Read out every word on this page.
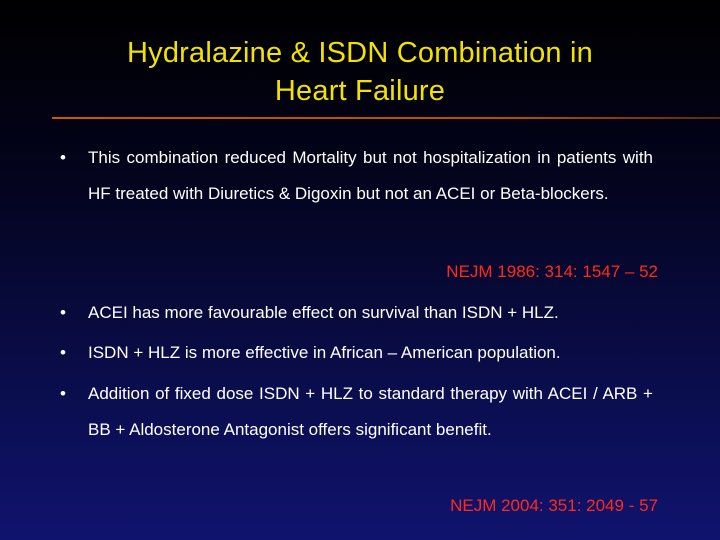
Hydralazine & ISDN Combination in
Heart Failure
• This combination reduced Mortality but not hospitalization in patients with HF treated with Diuretics & Digoxin but not an ACEI or Beta-blockers.
NEJM 1986: 314: 1547 – 52
• ACEI has more favourable effect on survival than ISDN + HLZ.
• ISDN + HLZ is more effective in African – American population.
• Addition of fixed dose ISDN + HLZ to standard therapy with ACEI / ARB + BB + Aldosterone Antagonist offers significant benefit.
NEJM 2004: 351: 2049 - 57
